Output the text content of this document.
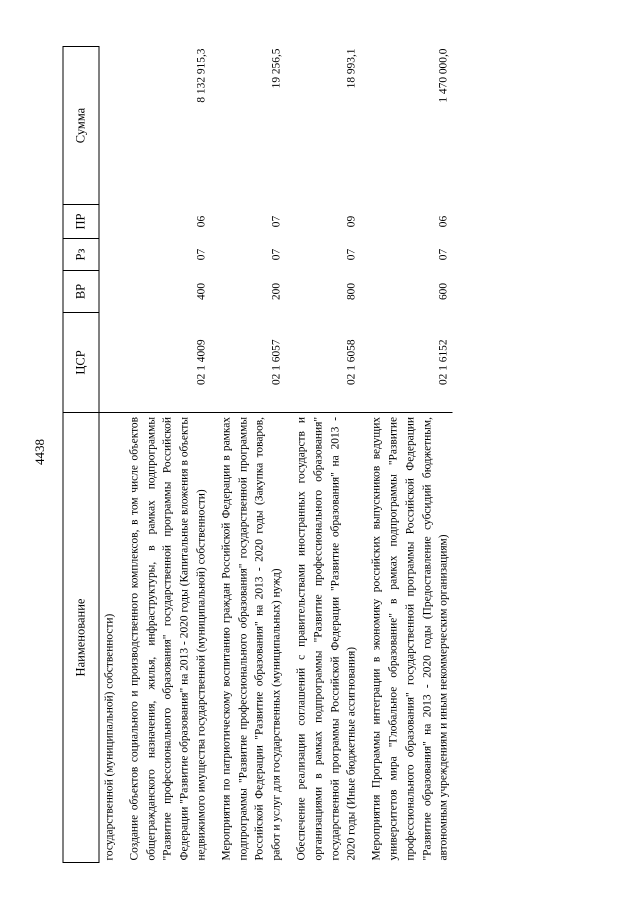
4438
Наименование	ЦСР	ВР	Рз	ПР	Сумма
государственной (муниципальной) собственности)					
Создание объектов социального и производственного комплексов, в том числе объектов общегражданского назначения, жилья, инфраструктуры, в рамках подпрограммы "Развитие профессионального образования" государственной программы Российской Федерации "Развитие образования" на 2013 - 2020 годы (Капитальные вложения в объекты недвижимого имущества государственной (муниципальной) собственности)	02 1 4009	400	07	06	8 132 915,3
Мероприятия по патриотическому воспитанию граждан Российской Федерации в рамках подпрограммы "Развитие профессионального образования" государственной программы Российской Федерации "Развитие образования" на 2013 - 2020 годы (Закупка товаров, работ и услуг для государственных (муниципальных) нужд)	02 1 6057	200	07	07	19 256,5
Обеспечение реализации соглашений с правительствами иностранных государств и организациями в рамках подпрограммы "Развитие профессионального образования" государственной программы Российской Федерации "Развитие образования" на 2013 - 2020 годы (Иные бюджетные ассигнования)	02 1 6058	800	07	09	18 993,1
Мероприятия Программы интеграции в экономику российских выпускников ведущих университетов мира "Глобальное образование" в рамках подпрограммы "Развитие профессионального образования" государственной программы Российской Федерации "Развитие образования" на 2013 - 2020 годы (Предоставление субсидий бюджетным, автономным учреждениям и иным некоммерческим организациям)	02 1 6152	600	07	06	1 470 000,0
